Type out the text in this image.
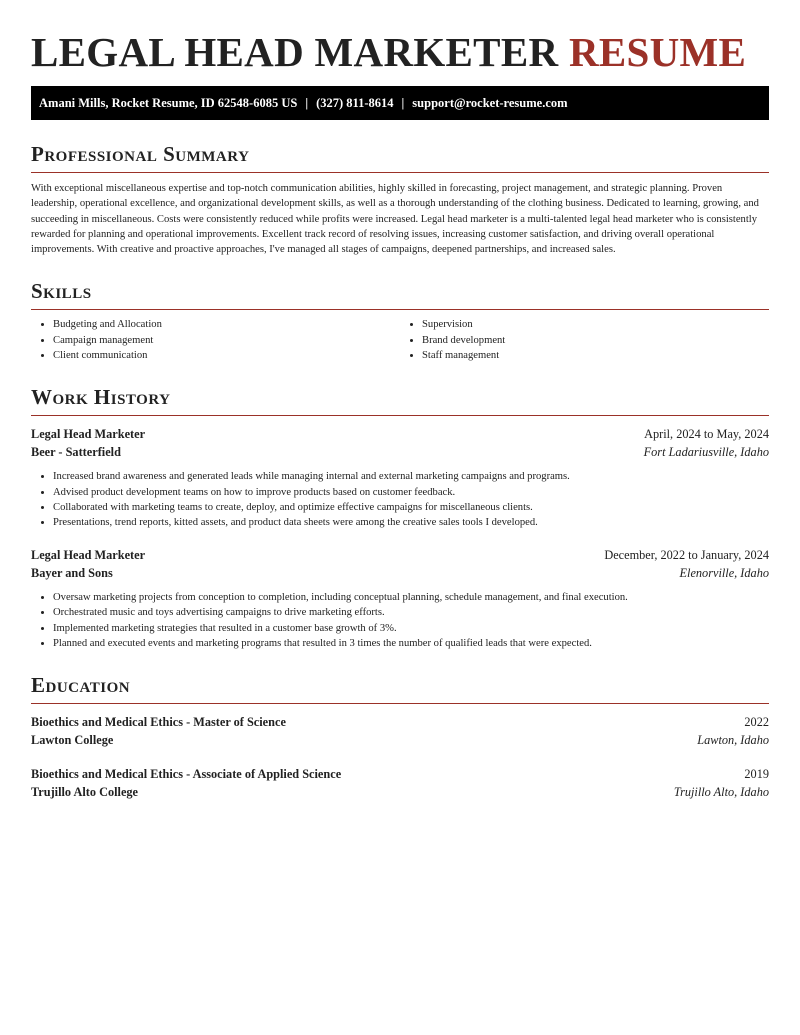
LEGAL HEAD MARKETER RESUME
Amani Mills, Rocket Resume, ID 62548-6085 US | (327) 811-8614 | support@rocket-resume.com
Professional Summary

With exceptional miscellaneous expertise and top-notch communication abilities, highly skilled in forecasting, project management, and strategic planning. Proven leadership, operational excellence, and organizational development skills, as well as a thorough understanding of the clothing business. Dedicated to learning, growing, and succeeding in miscellaneous. Costs were consistently reduced while profits were increased. Legal head marketer is a multi-talented legal head marketer who is consistently rewarded for planning and operational improvements. Excellent track record of resolving issues, increasing customer satisfaction, and driving overall operational improvements. With creative and proactive approaches, I've managed all stages of campaigns, deepened partnerships, and increased sales.

Skills
• Budgeting and Allocation
• Campaign management
• Client communication
• Supervision
• Brand development
• Staff management
Work History
Legal Head Marketer	April, 2024 to May, 2024
Beer - Satterfield	Fort Ladariusville, Idaho
• Increased brand awareness and generated leads while managing internal and external marketing campaigns and programs.
• Advised product development teams on how to improve products based on customer feedback.
• Collaborated with marketing teams to create, deploy, and optimize effective campaigns for miscellaneous clients.
• Presentations, trend reports, kitted assets, and product data sheets were among the creative sales tools I developed.
Legal Head Marketer	December, 2022 to January, 2024
Bayer and Sons	Elenorville, Idaho
• Oversaw marketing projects from conception to completion, including conceptual planning, schedule management, and final execution.
• Orchestrated music and toys advertising campaigns to drive marketing efforts.
• Implemented marketing strategies that resulted in a customer base growth of 3%.
• Planned and executed events and marketing programs that resulted in 3 times the number of qualified leads that were expected.
Education
Bioethics and Medical Ethics - Master of Science	2022
Lawton College	Lawton, Idaho
Bioethics and Medical Ethics - Associate of Applied Science	2019
Trujillo Alto College	Trujillo Alto, Idaho
